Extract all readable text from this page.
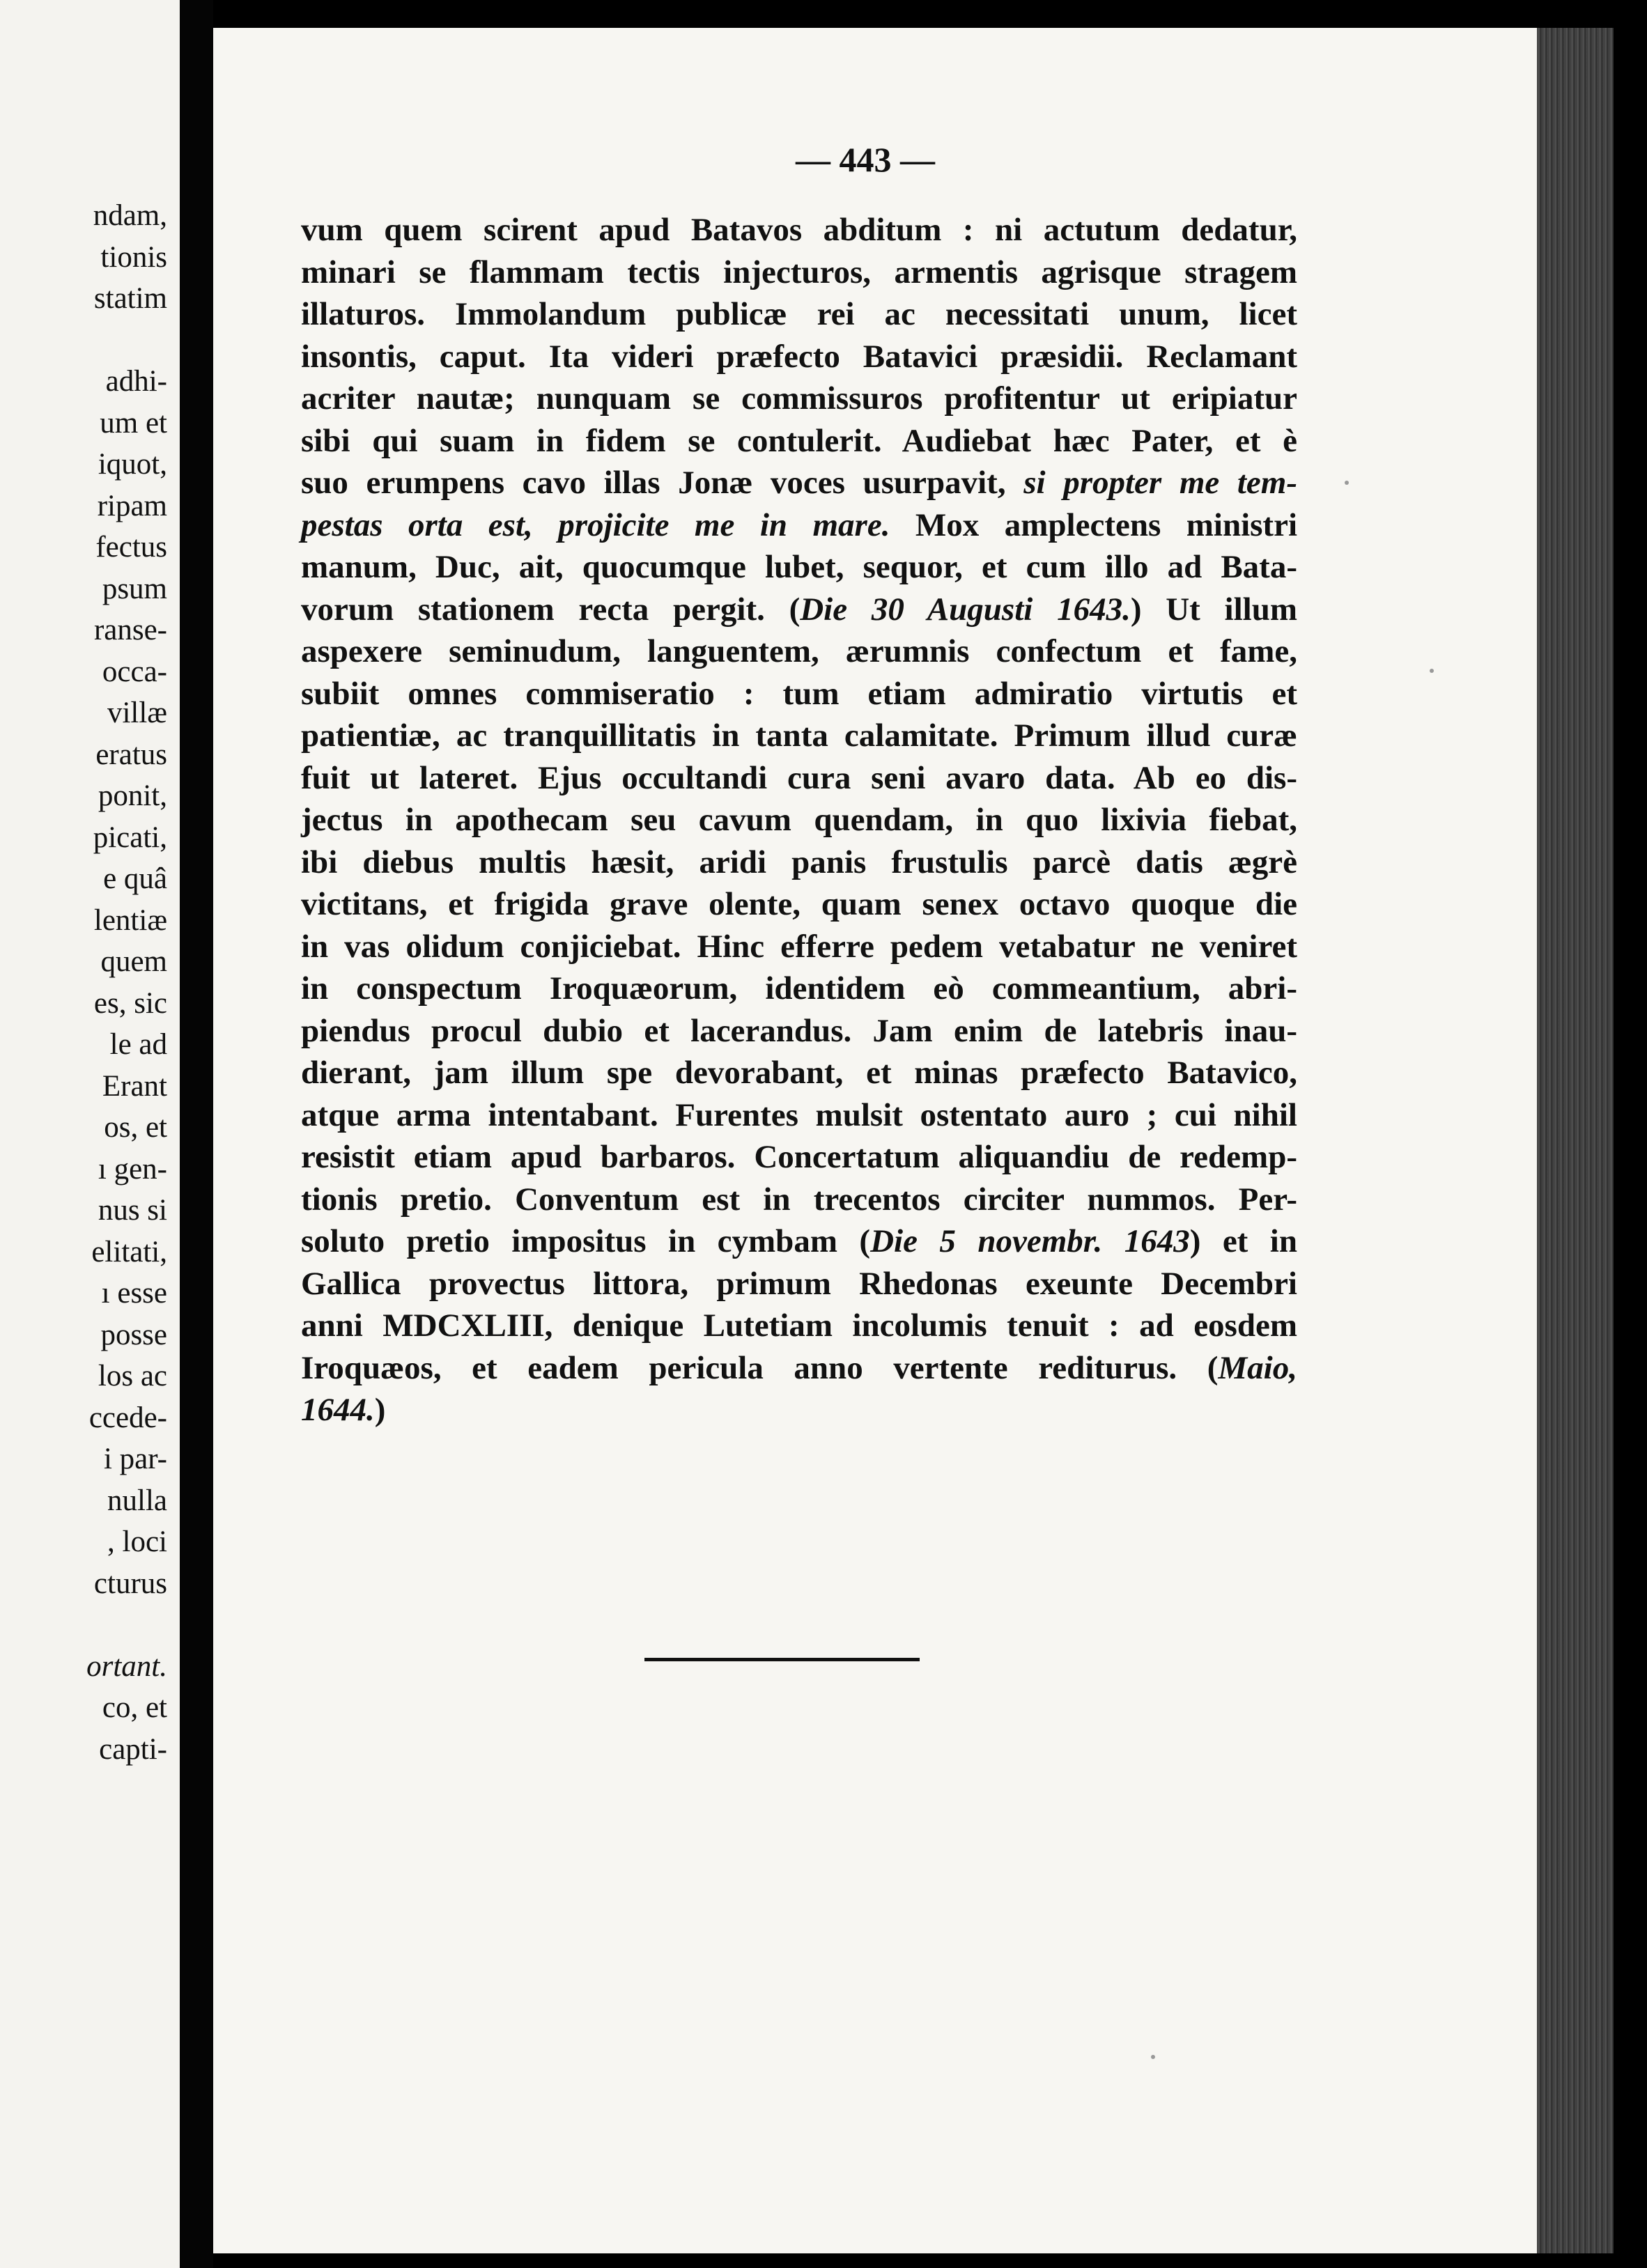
ndam,

tionis

statim

adhi-

um et

iquot,

ripam

fectus

psum

ranse-

occa-

villæ

eratus

ponit,

picati,

e quâ

lentiæ

quem

es, sic

le ad

Erant

os, et

ı gen-

nus si

elitati,

ı esse

posse

los ac

ccede-

i par-

nulla

, loci

cturus

ortant.

co, et

capti-

— 443 —

vum quem scirent apud Batavos abditum : ni actutum dedatur,
minari se flammam tectis injecturos, armentis agrisque stragem
illaturos. Immolandum publicæ rei ac necessitati unum, licet
insontis, caput. Ita videri præfecto Batavici præsidii. Reclamant
acriter nautæ; nunquam se commissuros profitentur ut eripiatur
sibi qui suam in fidem se contulerit. Audiebat hæc Pater, et è
suo erumpens cavo illas Jonæ voces usurpavit, si propter me tem-
pestas orta est, projicite me in mare. Mox amplectens ministri
manum, Duc, ait, quocumque lubet, sequor, et cum illo ad Bata-
vorum stationem recta pergit. (Die 30 Augusti 1643.) Ut illum
aspexere seminudum, languentem, ærumnis confectum et fame,
subiit omnes commiseratio : tum etiam admiratio virtutis et
patientiæ, ac tranquillitatis in tanta calamitate. Primum illud curæ
fuit ut lateret. Ejus occultandi cura seni avaro data. Ab eo dis-
jectus in apothecam seu cavum quendam, in quo lixivia fiebat,
ibi diebus multis hæsit, aridi panis frustulis parcè datis ægrè
victitans, et frigida grave olente, quam senex octavo quoque die
in vas olidum conjiciebat. Hinc efferre pedem vetabatur ne veniret
in conspectum Iroquæorum, identidem eò commeantium, abri-
piendus procul dubio et lacerandus. Jam enim de latebris inau-
dierant, jam illum spe devorabant, et minas præfecto Batavico,
atque arma intentabant. Furentes mulsit ostentato auro ; cui nihil
resistit etiam apud barbaros. Concertatum aliquandiu de redemp-
tionis pretio. Conventum est in trecentos circiter nummos. Per-
soluto pretio impositus in cymbam (Die 5 novembr. 1643) et in
Gallica provectus littora, primum Rhedonas exeunte Decembri
anni MDCXLIII, denique Lutetiam incolumis tenuit : ad eosdem
Iroquæos, et eadem pericula anno vertente rediturus. (Maio,
1644.)
